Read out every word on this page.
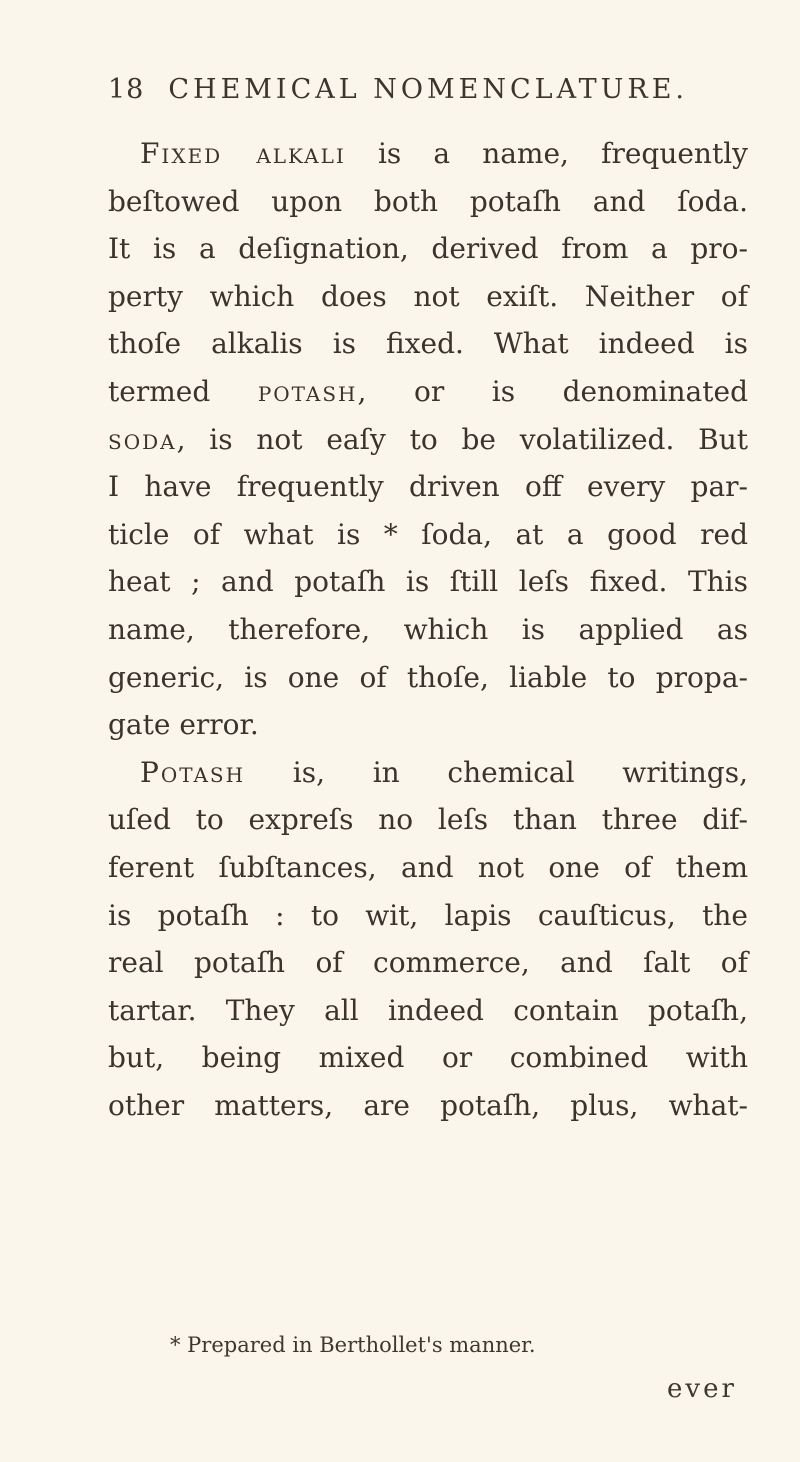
18 CHEMICAL NOMENCLATURE.
Fixed alkali is a name, frequently
beſtowed upon both potaſh and ſoda.
It is a deſignation, derived from a pro-
perty which does not exiſt. Neither of
thoſe alkalis is fixed. What indeed is
termed potash, or is denominated
soda, is not eaſy to be volatilized. But
I have frequently driven off every par-
ticle of what is * ſoda, at a good red
heat ; and potaſh is ſtill leſs fixed. This
name, therefore, which is applied as
generic, is one of thoſe, liable to propa-
gate error.
Potash is, in chemical writings,
uſed to expreſs no leſs than three dif-
ferent ſubſtances, and not one of them
is potaſh : to wit, lapis cauſticus, the
real potaſh of commerce, and ſalt of
tartar. They all indeed contain potaſh,
but, being mixed or combined with
other matters, are potaſh, plus, what-
* Prepared in Berthollet's manner.
ever
